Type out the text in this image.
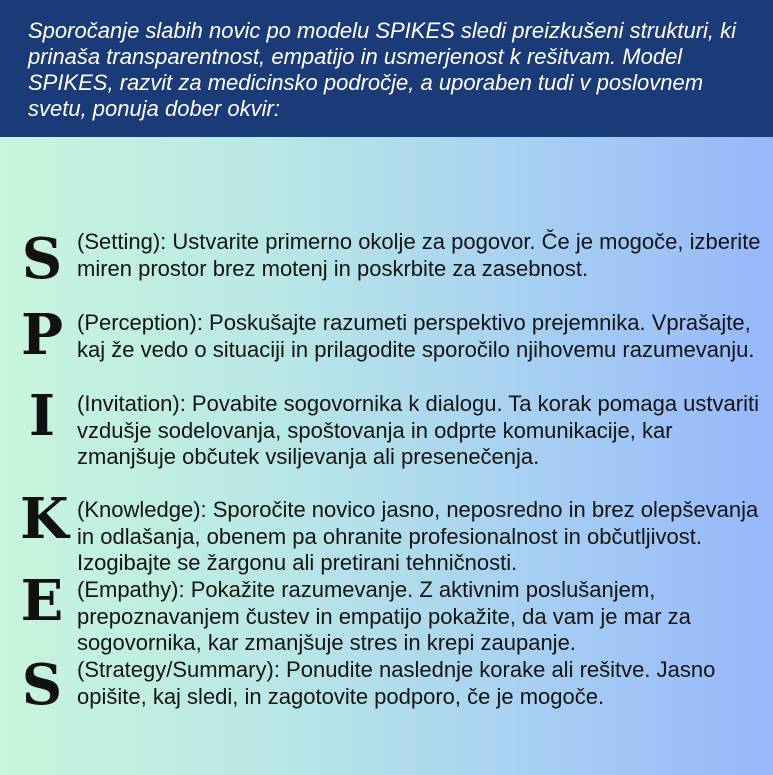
Sporočanje slabih novic po modelu SPIKES sledi preizkušeni strukturi, ki prinaša transparentnost, empatijo in usmerjenost k rešitvam. Model SPIKES, razvit za medicinsko področje, a uporaben tudi v poslovnem svetu, ponuja dober okvir:

S (Setting): Ustvarite primerno okolje za pogovor. Če je mogoče, izberite miren prostor brez motenj in poskrbite za zasebnost.
P (Perception): Poskušajte razumeti perspektivo prejemnika. Vprašajte, kaj že vedo o situaciji in prilagodite sporočilo njihovemu razumevanju.
I (Invitation): Povabite sogovornika k dialogu. Ta korak pomaga ustvariti vzdušje sodelovanja, spoštovanja in odprte komunikacije, kar zmanjšuje občutek vsiljevanja ali presenečenja.
K (Knowledge): Sporočite novico jasno, neposredno in brez olepševanja in odlašanja, obenem pa ohranite profesionalnost in občutljivost. Izogibajte se žargonu ali pretirani tehničnosti.
E (Empathy): Pokažite razumevanje. Z aktivnim poslušanjem, prepoznavanjem čustev in empatijo pokažite, da vam je mar za sogovornika, kar zmanjšuje stres in krepi zaupanje.
S (Strategy/Summary): Ponudite naslednje korake ali rešitve. Jasno opišite, kaj sledi, in zagotovite podporo, če je mogoče.
